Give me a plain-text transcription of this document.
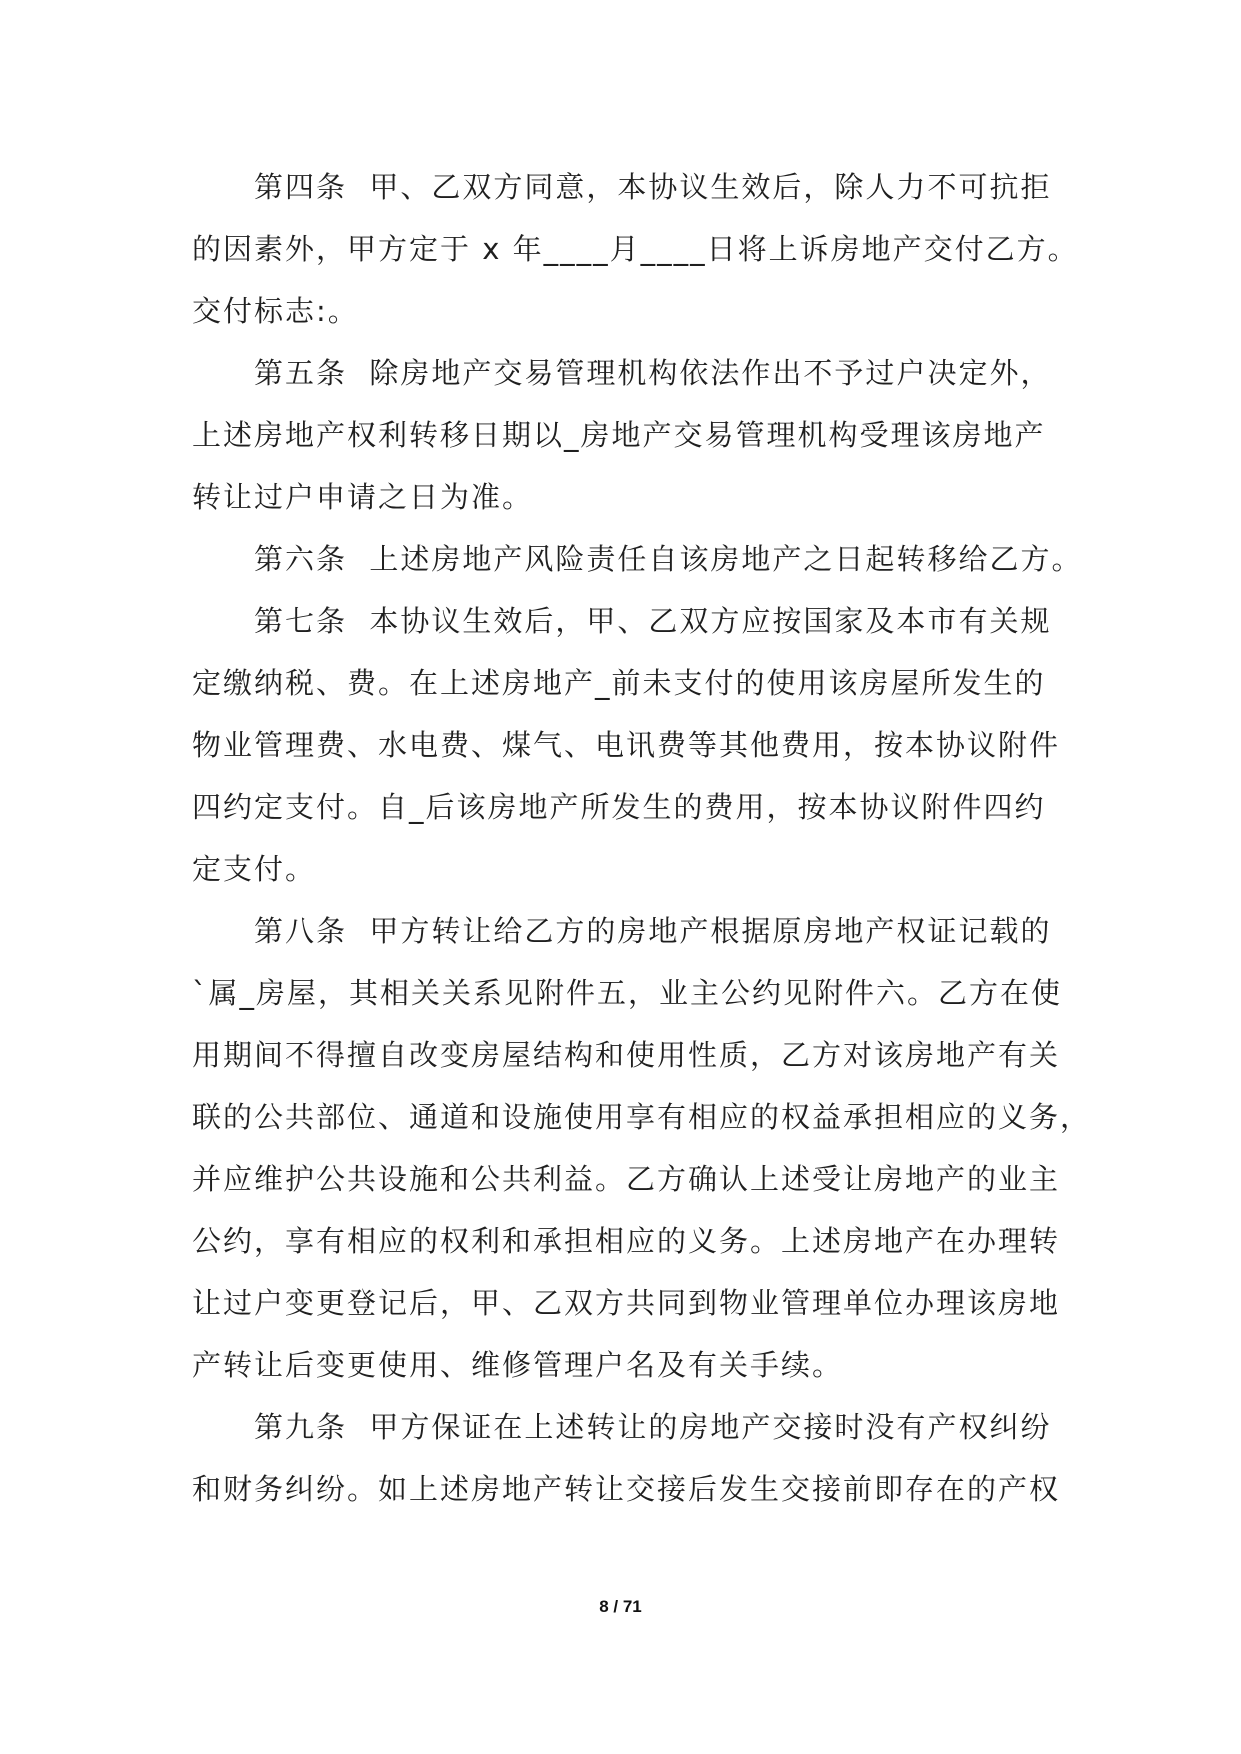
第四条  甲、乙双方同意，本协议生效后，除人力不可抗拒
的因素外，甲方定于 x 年____月____日将上诉房地产交付乙方。
交付标志:。

第五条  除房地产交易管理机构依法作出不予过户决定外，
上述房地产权利转移日期以_房地产交易管理机构受理该房地产
转让过户申请之日为准。

第六条  上述房地产风险责任自该房地产之日起转移给乙方。

第七条  本协议生效后，甲、乙双方应按国家及本市有关规
定缴纳税、费。在上述房地产_前未支付的使用该房屋所发生的
物业管理费、水电费、煤气、电讯费等其他费用，按本协议附件
四约定支付。自_后该房地产所发生的费用，按本协议附件四约
定支付。

第八条  甲方转让给乙方的房地产根据原房地产权证记载的
`属_房屋，其相关关系见附件五，业主公约见附件六。乙方在使
用期间不得擅自改变房屋结构和使用性质，乙方对该房地产有关
联的公共部位、通道和设施使用享有相应的权益承担相应的义务，
并应维护公共设施和公共利益。乙方确认上述受让房地产的业主
公约，享有相应的权利和承担相应的义务。上述房地产在办理转
让过户变更登记后，甲、乙双方共同到物业管理单位办理该房地
产转让后变更使用、维修管理户名及有关手续。

第九条  甲方保证在上述转让的房地产交接时没有产权纠纷
和财务纠纷。如上述房地产转让交接后发生交接前即存在的产权

8 / 71
